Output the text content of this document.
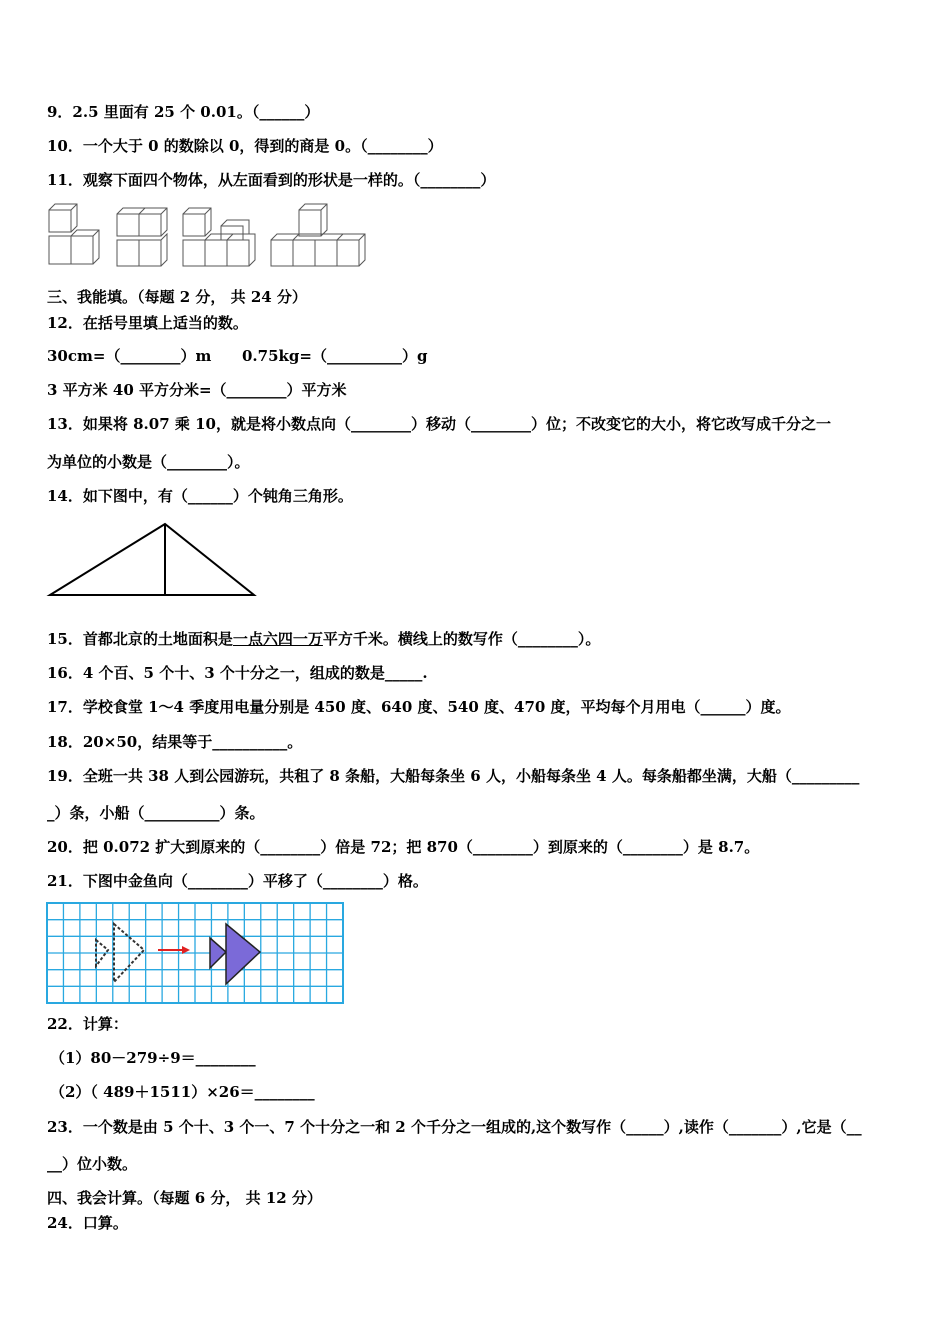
9．2.5 里面有 25 个 0.01。（______）
10．一个大于 0 的数除以 0，得到的商是 0。（________）
11．观察下面四个物体，从左面看到的形状是一样的。（________）
三、我能填。（每题 2 分， 共 24 分）
12．在括号里填上适当的数。
30cm=（________）m 0.75kg=（__________）g
3 平方米 40 平方分米=（________）平方米
13．如果将 8.07 乘 10，就是将小数点向（________）移动（________）位；不改变它的大小，将它改写成千分之一
为单位的小数是（________）。
14．如下图中，有（______）个钝角三角形。
15．首都北京的土地面积是一点六四一万平方千米。横线上的数写作（________）。
16．4 个百、5 个十、3 个十分之一，组成的数是_____.
17．学校食堂 1～4 季度用电量分别是 450 度、640 度、540 度、470 度，平均每个月用电（______）度。
18．20×50，结果等于__________。
19．全班一共 38 人到公园游玩，共租了 8 条船，大船每条坐 6 人，小船每条坐 4 人。每条船都坐满，大船（_________
_）条，小船（__________）条。
20．把 0.072 扩大到原来的（________）倍是 72；把 870（________）到原来的（________）是 8.7。
21．下图中金鱼向（________）平移了（________）格。
22．计算：
（1）80－279÷9＝________
（2）（ 489＋1511）×26＝________
23．一个数是由 5 个十、3 个一、7 个十分之一和 2 个千分之一组成的,这个数写作（_____）,读作（_______）,它是（__
__）位小数。
四、我会计算。（每题 6 分， 共 12 分）
24．口算。
